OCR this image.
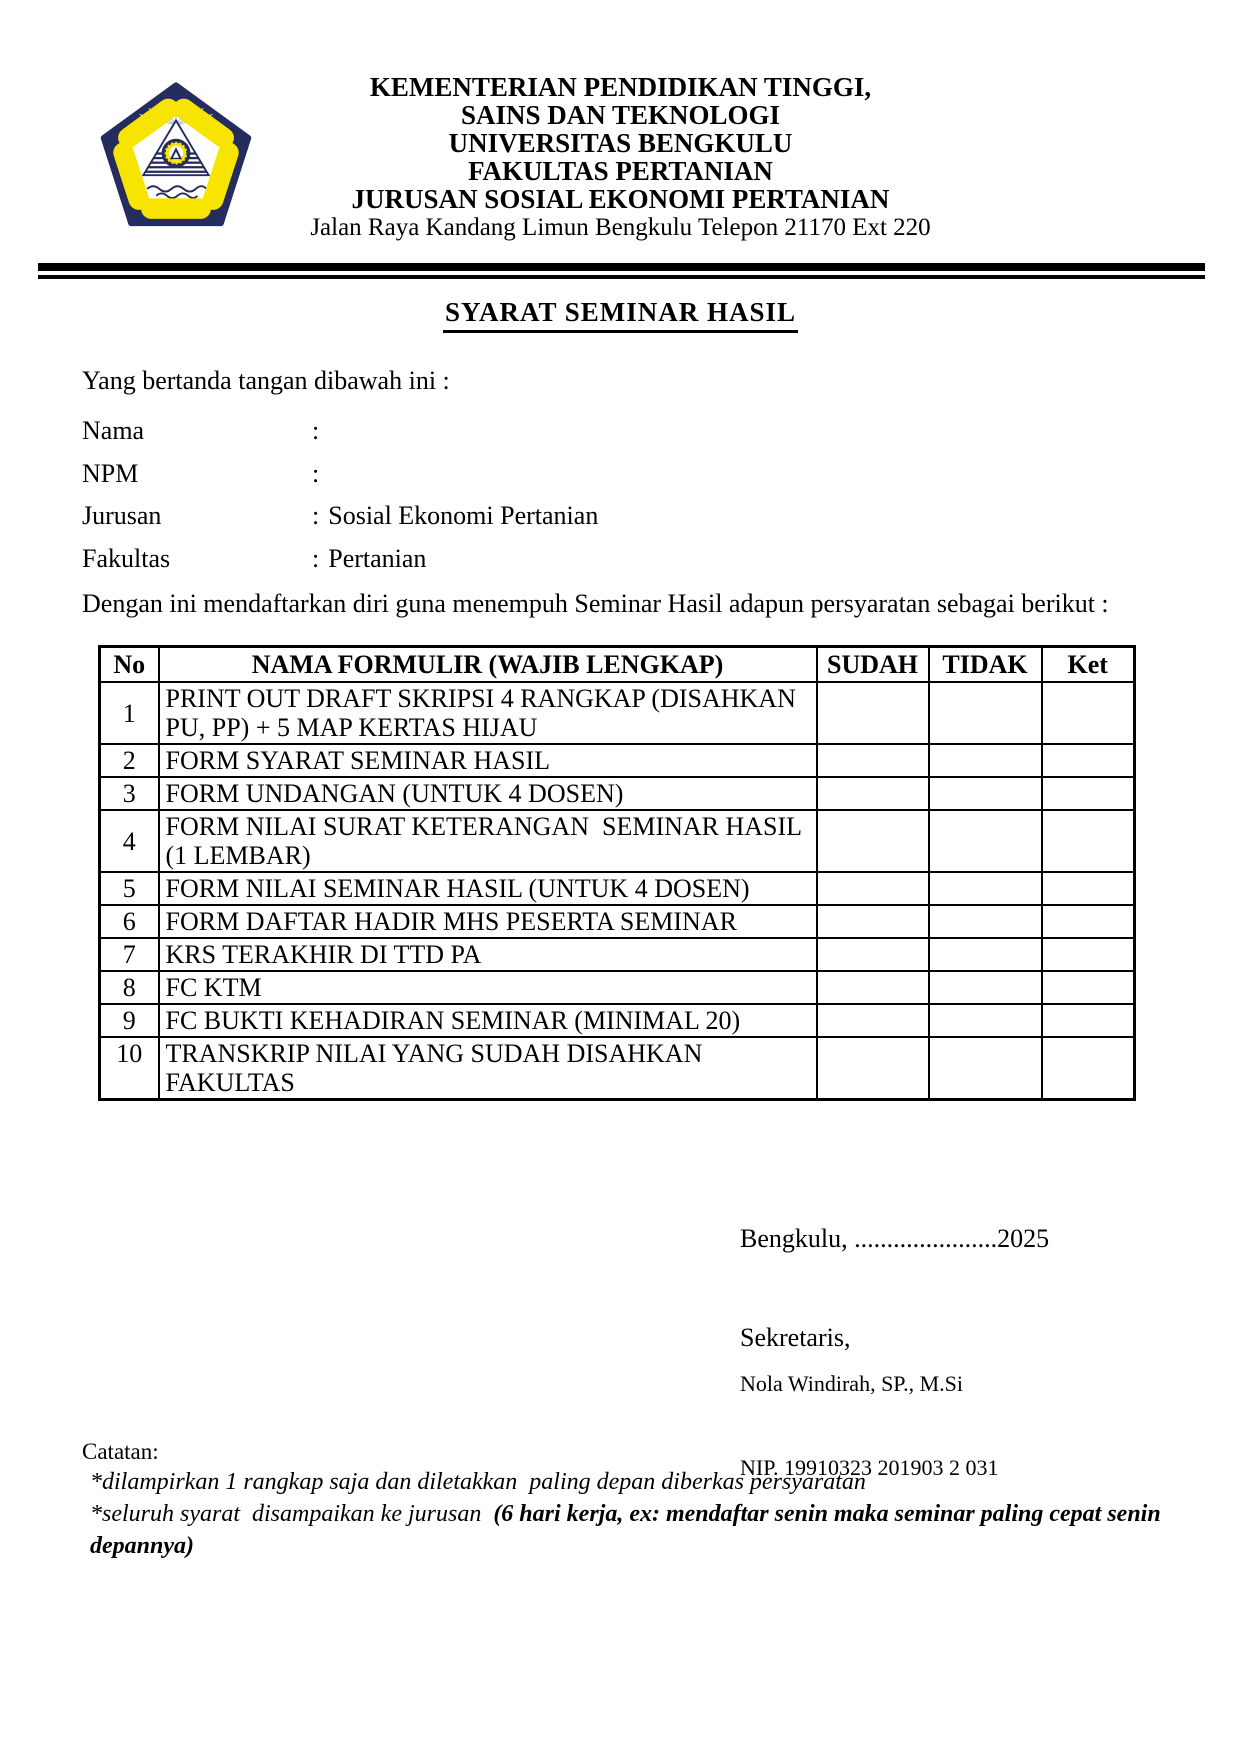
KEMENTERIAN PENDIDIKAN TINGGI,
SAINS DAN TEKNOLOGI
UNIVERSITAS BENGKULU
FAKULTAS PERTANIAN
JURUSAN SOSIAL EKONOMI PERTANIAN
Jalan Raya Kandang Limun Bengkulu Telepon 21170 Ext 220
SYARAT SEMINAR HASIL
Yang bertanda tangan dibawah ini :
Nama	:
NPM	:
Jurusan	: Sosial Ekonomi Pertanian
Fakultas	: Pertanian
Dengan ini mendaftarkan diri guna menempuh Seminar Hasil adapun persyaratan sebagai berikut :
No	NAMA FORMULIR (WAJIB LENGKAP)	SUDAH	TIDAK	Ket
1	PRINT OUT DRAFT SKRIPSI 4 RANGKAP (DISAHKAN PU, PP) + 5 MAP KERTAS HIJAU			
2	FORM SYARAT SEMINAR HASIL			
3	FORM UNDANGAN (UNTUK 4 DOSEN)			
4	FORM NILAI SURAT KETERANGAN  SEMINAR HASIL (1 LEMBAR)			
5	FORM NILAI SEMINAR HASIL (UNTUK 4 DOSEN)			
6	FORM DAFTAR HADIR MHS PESERTA SEMINAR			
7	KRS TERAKHIR DI TTD PA			
8	FC KTM			
9	FC BUKTI KEHADIRAN SEMINAR (MINIMAL 20)			
10	TRANSKRIP NILAI YANG SUDAH DISAHKAN FAKULTAS			

Bengkulu, ......................2025

Sekretaris,

Nola Windirah, SP., M.Si

NIP. 19910323 201903 2 031

Catatan:
*dilampirkan 1 rangkap saja dan diletakkan  paling depan diberkas persyaratan
*seluruh syarat  disampaikan ke jurusan  (6 hari kerja, ex: mendaftar senin maka seminar paling cepat senin depannya)
